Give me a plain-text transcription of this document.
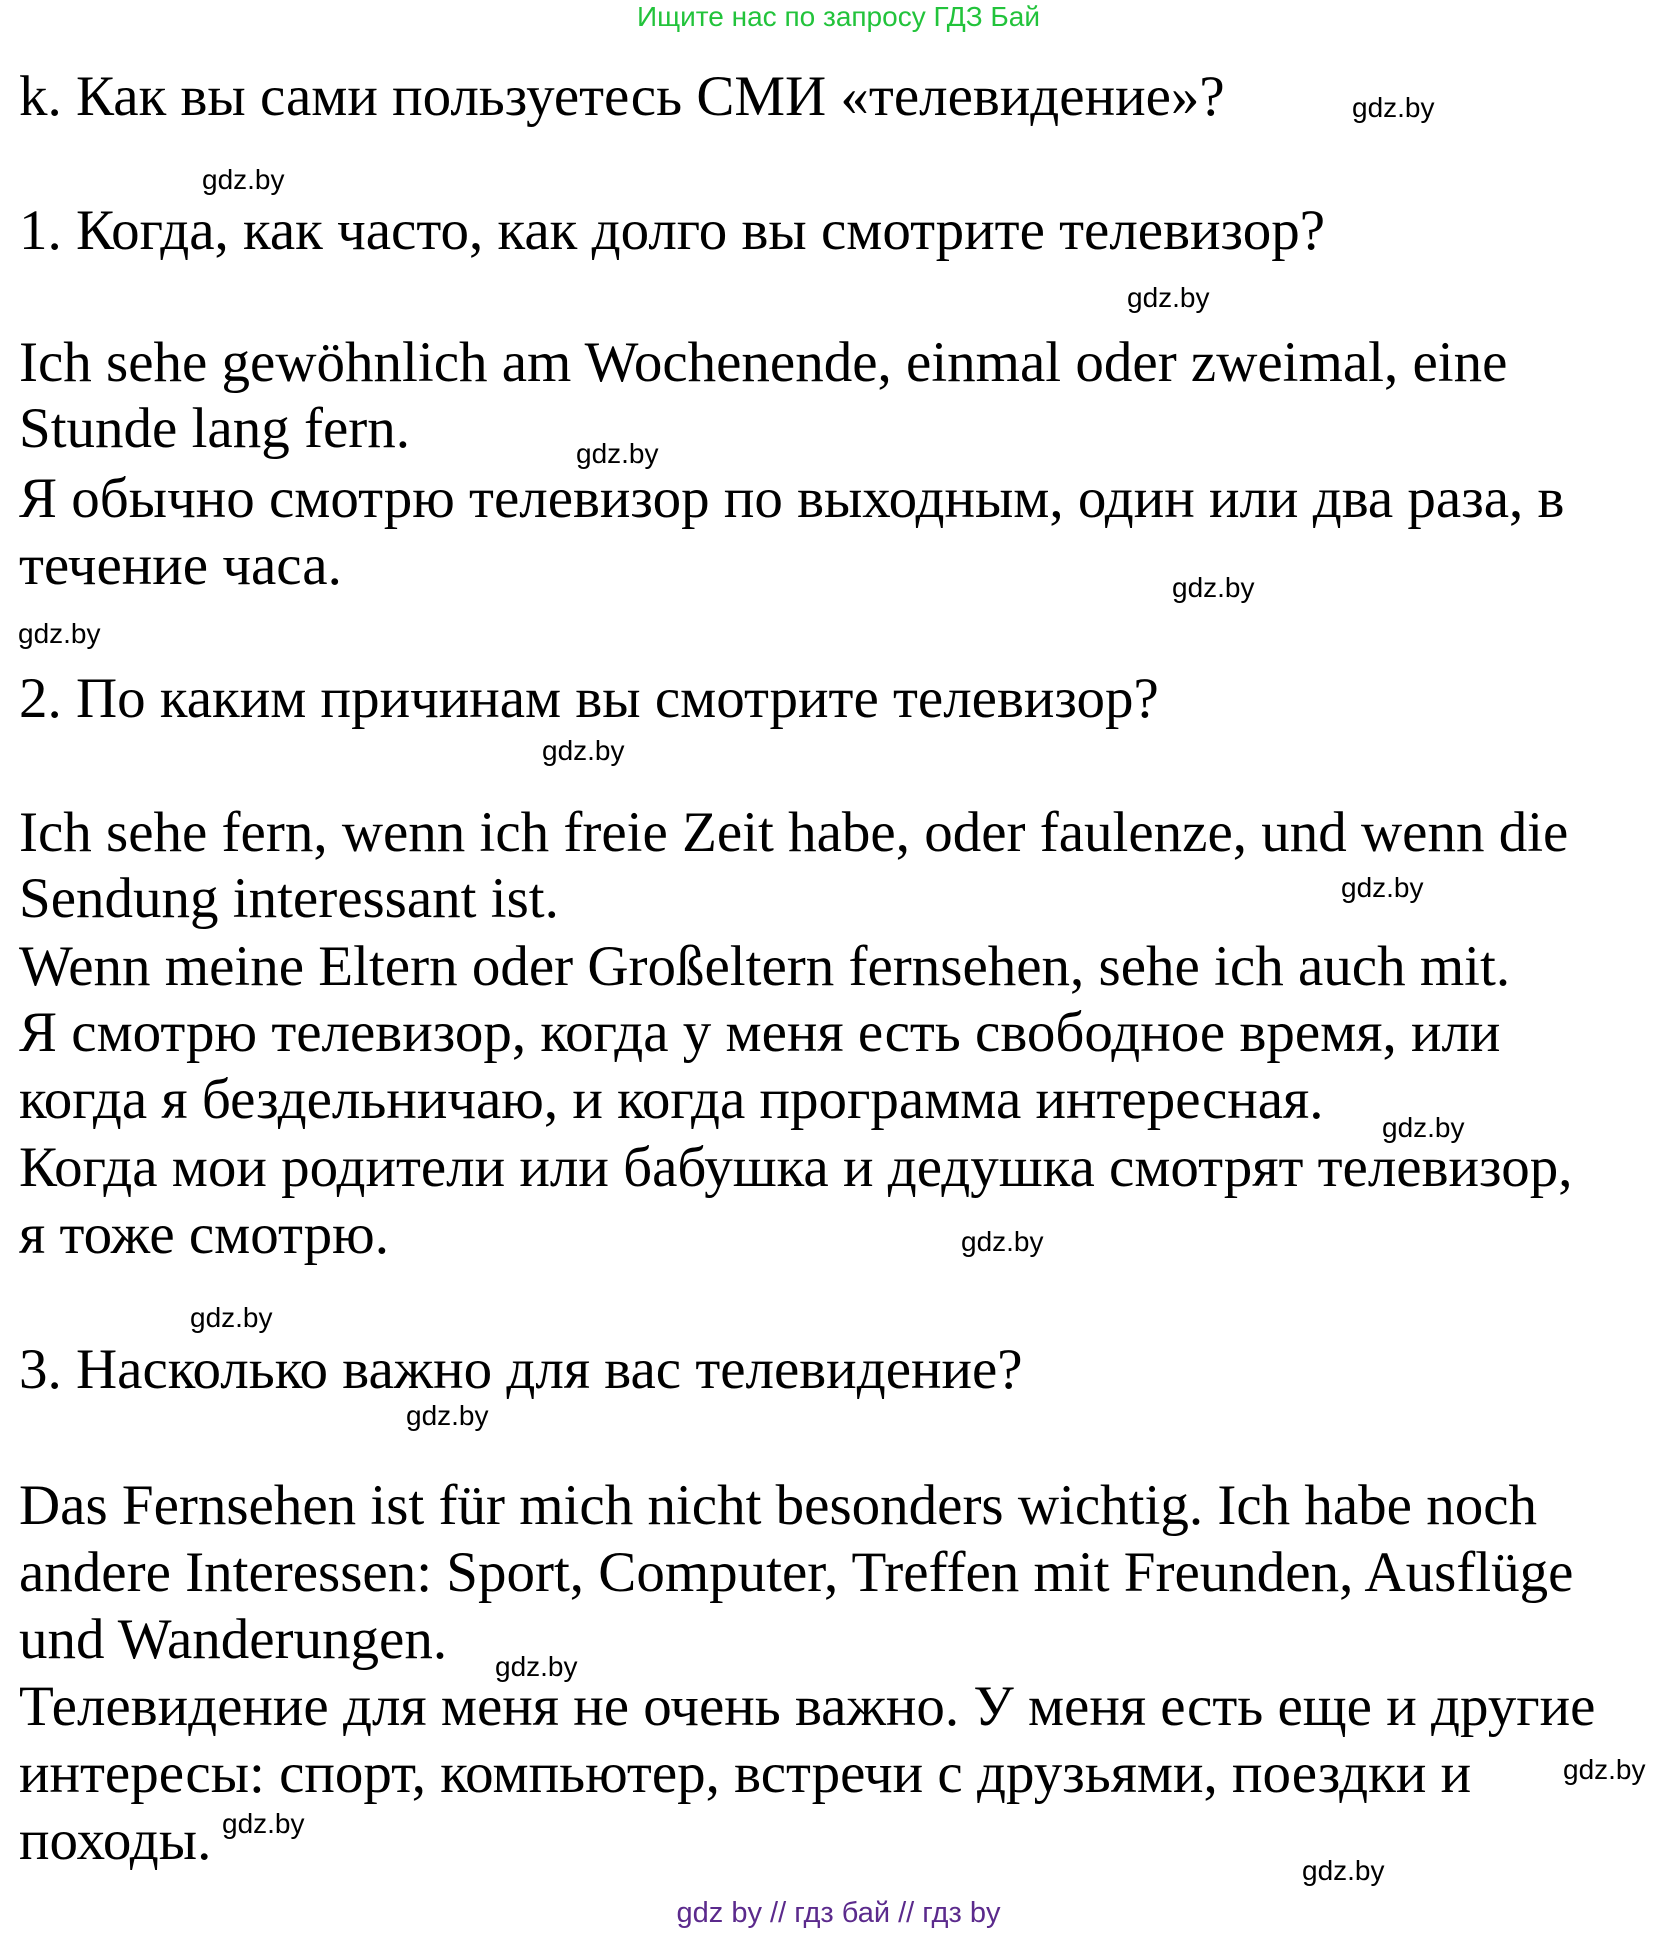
Ищите нас по запросу ГДЗ Бай
k. Как вы сами пользуетесь СМИ «телевидение»?
1. Когда, как часто, как долго вы смотрите телевизор?
Ich sehe gewöhnlich am Wochenende, einmal oder zweimal, eine
Stunde lang fern.
Я обычно смотрю телевизор по выходным, один или два раза, в
течение часа.
2. По каким причинам вы смотрите телевизор?
Ich sehe fern, wenn ich freie Zeit habe, oder faulenze, und wenn die
Sendung interessant ist.
Wenn meine Eltern oder Großeltern fernsehen, sehe ich auch mit.
Я смотрю телевизор, когда у меня есть свободное время, или
когда я бездельничаю, и когда программа интересная.
Когда мои родители или бабушка и дедушка смотрят телевизор,
я тоже смотрю.
3. Насколько важно для вас телевидение?
Das Fernsehen ist für mich nicht besonders wichtig. Ich habe noch
andere Interessen: Sport, Computer, Treffen mit Freunden, Ausflüge
und Wanderungen.
Телевидение для меня не очень важно. У меня есть еще и другие
интересы: спорт, компьютер, встречи с друзьями, поездки и
походы.
gdz.by
gdz.by
gdz.by
gdz.by
gdz.by
gdz.by
gdz.by
gdz.by
gdz.by
gdz.by
gdz.by
gdz.by
gdz.by
gdz.by
gdz.by
gdz.by
gdz by // гдз бай // гдз by
